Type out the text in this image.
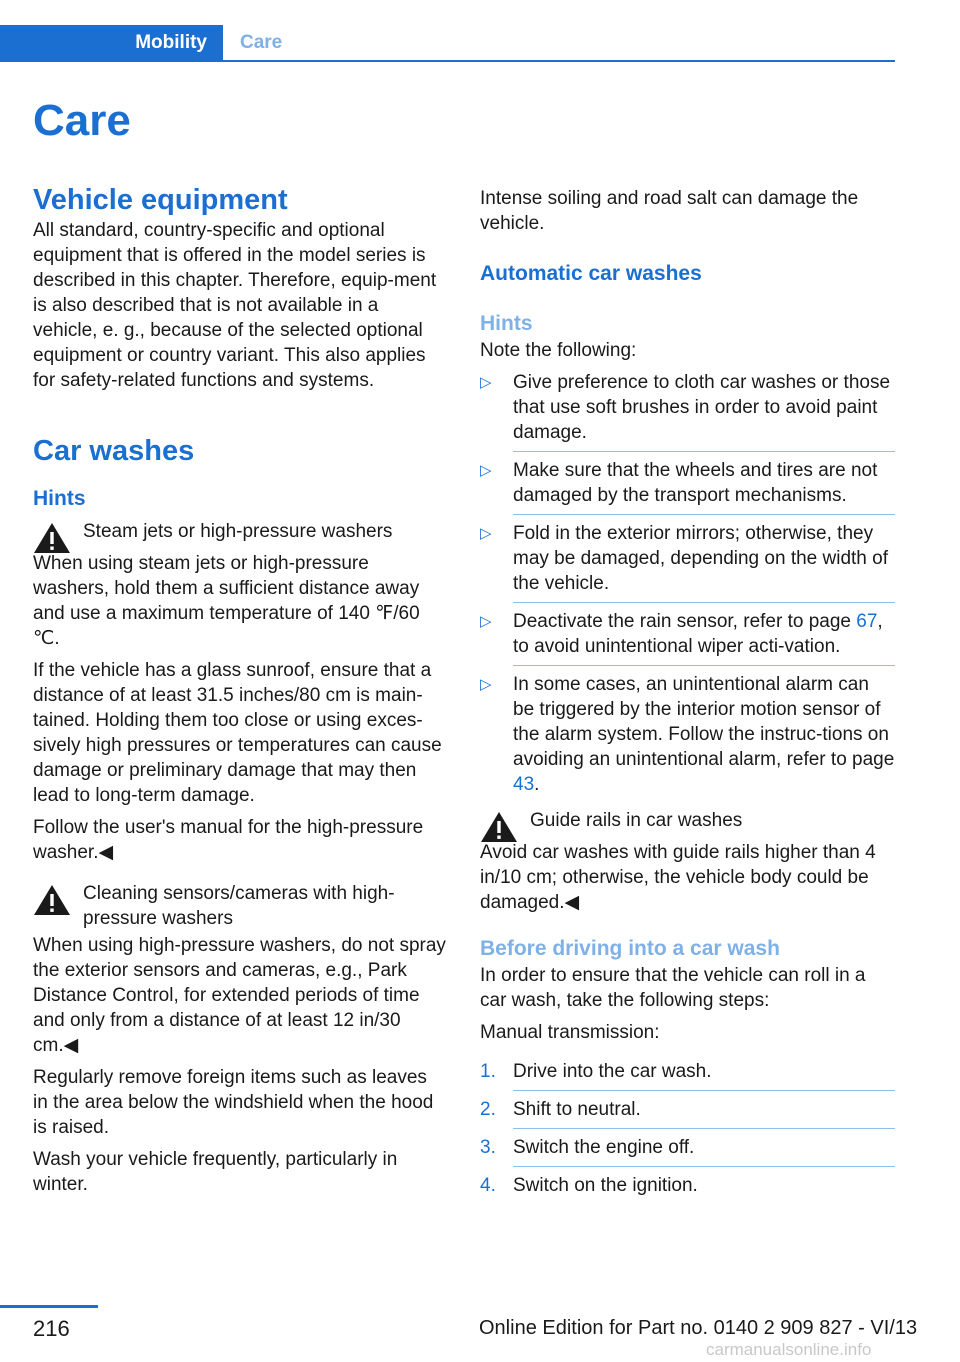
Mobility	Care
Care
Vehicle equipment

All standard, country-specific and optional equipment that is offered in the model series is described in this chapter. Therefore, equip-ment is also described that is not available in a vehicle, e. g., because of the selected optional equipment or country variant. This also applies for safety-related functions and systems.

Car washes
Hints

Steam jets or high-pressure washers

When using steam jets or high-pressure washers, hold them a sufficient distance away and use a maximum temperature of 140 ℉/60 ℃.

If the vehicle has a glass sunroof, ensure that a distance of at least 31.5 inches/80 cm is main-tained. Holding them too close or using exces-sively high pressures or temperatures can cause damage or preliminary damage that may then lead to long-term damage.

Follow the user's manual for the high-pressure washer.◀

Cleaning sensors/cameras with high-pressure washers

When using high-pressure washers, do not spray the exterior sensors and cameras, e.g., Park Distance Control, for extended periods of time and only from a distance of at least 12 in/30 cm.◀

Regularly remove foreign items such as leaves in the area below the windshield when the hood is raised.

Wash your vehicle frequently, particularly in winter.

Intense soiling and road salt can damage the vehicle.

Automatic car washes
Hints

Note the following:

▷ Give preference to cloth car washes or those that use soft brushes in order to avoid paint damage.
▷ Make sure that the wheels and tires are not damaged by the transport mechanisms.
▷ Fold in the exterior mirrors; otherwise, they may be damaged, depending on the width of the vehicle.
▷ Deactivate the rain sensor, refer to page 67, to avoid unintentional wiper acti-vation.
▷ In some cases, an unintentional alarm can be triggered by the interior motion sensor of the alarm system. Follow the instruc-tions on avoiding an unintentional alarm, refer to page 43.

Guide rails in car washes

Avoid car washes with guide rails higher than 4 in/10 cm; otherwise, the vehicle body could be damaged.◀

Before driving into a car wash

In order to ensure that the vehicle can roll in a car wash, take the following steps:

Manual transmission:

1. Drive into the car wash.
2. Shift to neutral.
3. Switch the engine off.
4. Switch on the ignition.
216	Online Edition for Part no. 0140 2 909 827 - VI/13
carmanualsonline.info
